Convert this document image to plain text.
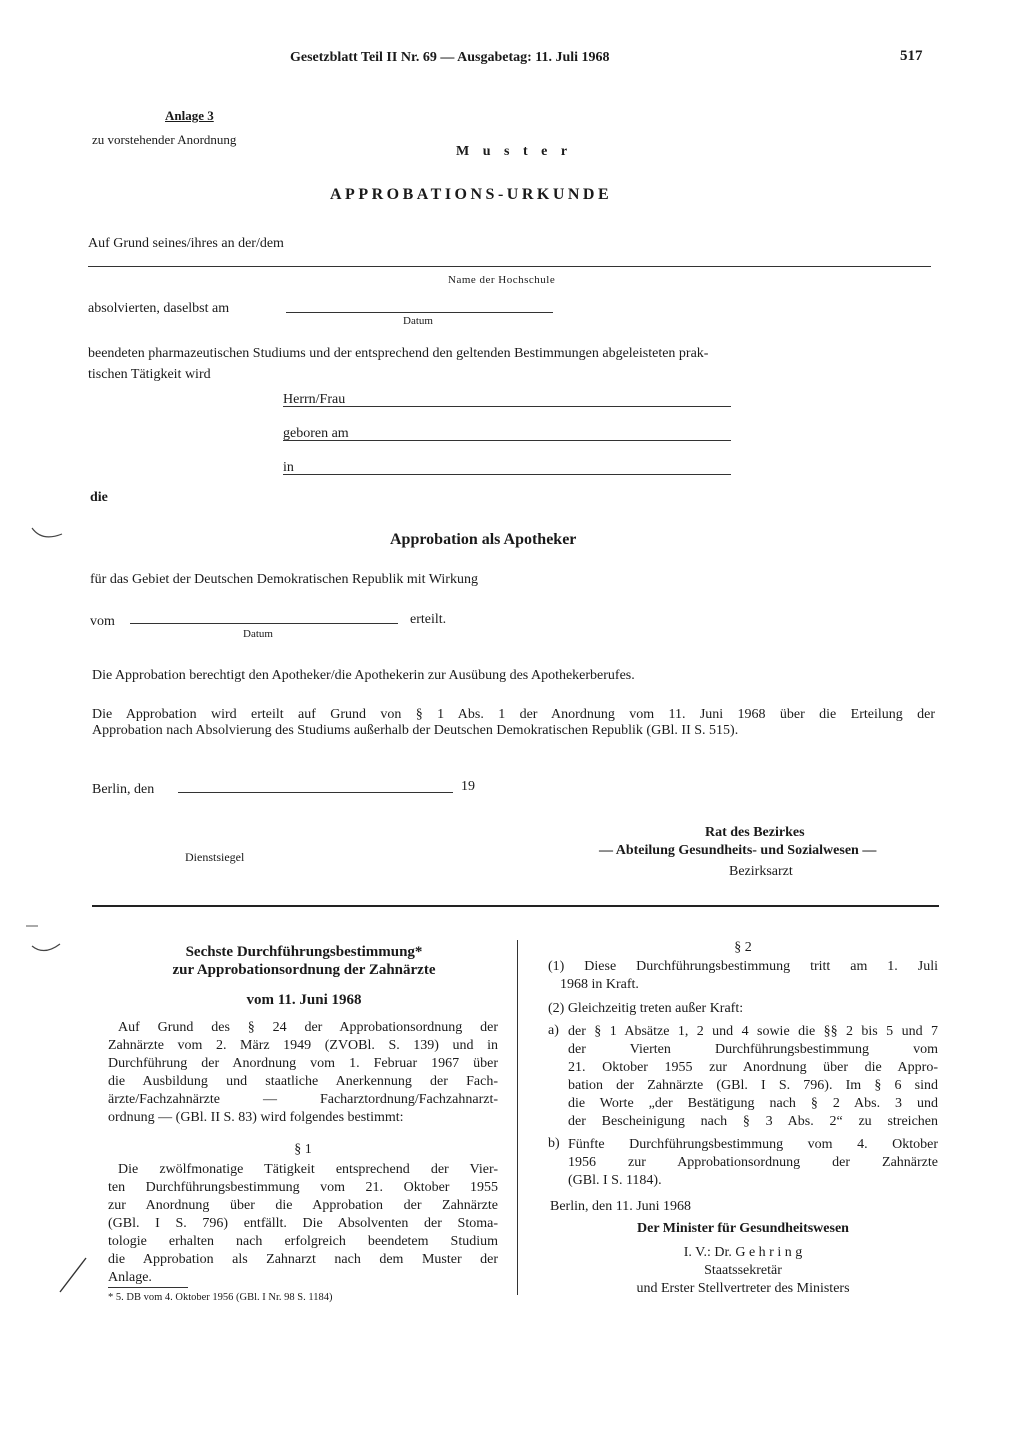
Gesetzblatt Teil II Nr. 69 — Ausgabetag: 11. Juli 1968	517
Anlage 3
zu vorstehender Anordnung
M u s t e r
APPROBATIONS-URKUNDE
Auf Grund seines/ihres an der/dem
Name der Hochschule
absolvierten, daselbst am
Datum
beendeten pharmazeutischen Studiums und der entsprechend den geltenden Bestimmungen abgeleisteten prak-
tischen Tätigkeit wird
Herrn/Frau
geboren am
in
die
Approbation als Apotheker
für das Gebiet der Deutschen Demokratischen Republik mit Wirkung
vom
Datum
erteilt.
Die Approbation berechtigt den Apotheker/die Apothekerin zur Ausübung des Apothekerberufes.
Die Approbation wird erteilt auf Grund von § 1 Abs. 1 der Anordnung vom 11. Juni 1968 über die Erteilung der
Approbation nach Absolvierung des Studiums außerhalb der Deutschen Demokratischen Republik (GBl. II S. 515).
Berlin, den	19
Dienstsiegel
Rat des Bezirkes
— Abteilung Gesundheits- und Sozialwesen —
Bezirksarzt
Sechste Durchführungsbestimmung*
zur Approbationsordnung der Zahnärzte
vom 11. Juni 1968
Auf Grund des § 24 der Approbationsordnung der
Zahnärzte vom 2. März 1949 (ZVOBl. S. 139) und in
Durchführung der Anordnung vom 1. Februar 1967 über
die Ausbildung und staatliche Anerkennung der Fach-
ärzte/Fachzahnärzte — Facharztordnung/Fachzahnarzt-
ordnung — (GBl. II S. 83) wird folgendes bestimmt:
§ 1
Die zwölfmonatige Tätigkeit entsprechend der Vier-
ten Durchführungsbestimmung vom 21. Oktober 1955
zur Anordnung über die Approbation der Zahnärzte
(GBl. I S. 796) entfällt. Die Absolventen der Stoma-
tologie erhalten nach erfolgreich beendetem Studium
die Approbation als Zahnarzt nach dem Muster der
Anlage.
* 5. DB vom 4. Oktober 1956 (GBl. I Nr. 98 S. 1184)
§ 2
(1) Diese Durchführungsbestimmung tritt am 1. Juli
1968 in Kraft.
(2) Gleichzeitig treten außer Kraft:
a) der § 1 Absätze 1, 2 und 4 sowie die §§ 2 bis 5 und 7
der Vierten Durchführungsbestimmung vom
21. Oktober 1955 zur Anordnung über die Appro-
bation der Zahnärzte (GBl. I S. 796). Im § 6 sind
die Worte „der Bestätigung nach § 2 Abs. 3 und
der Bescheinigung nach § 3 Abs. 2“ zu streichen
b) Fünfte Durchführungsbestimmung vom 4. Oktober
1956 zur Approbationsordnung der Zahnärzte
(GBl. I S. 1184).
Berlin, den 11. Juni 1968
Der Minister für Gesundheitswesen
I. V.: Dr. G e h r i n g
Staatssekretär
und Erster Stellvertreter des Ministers
